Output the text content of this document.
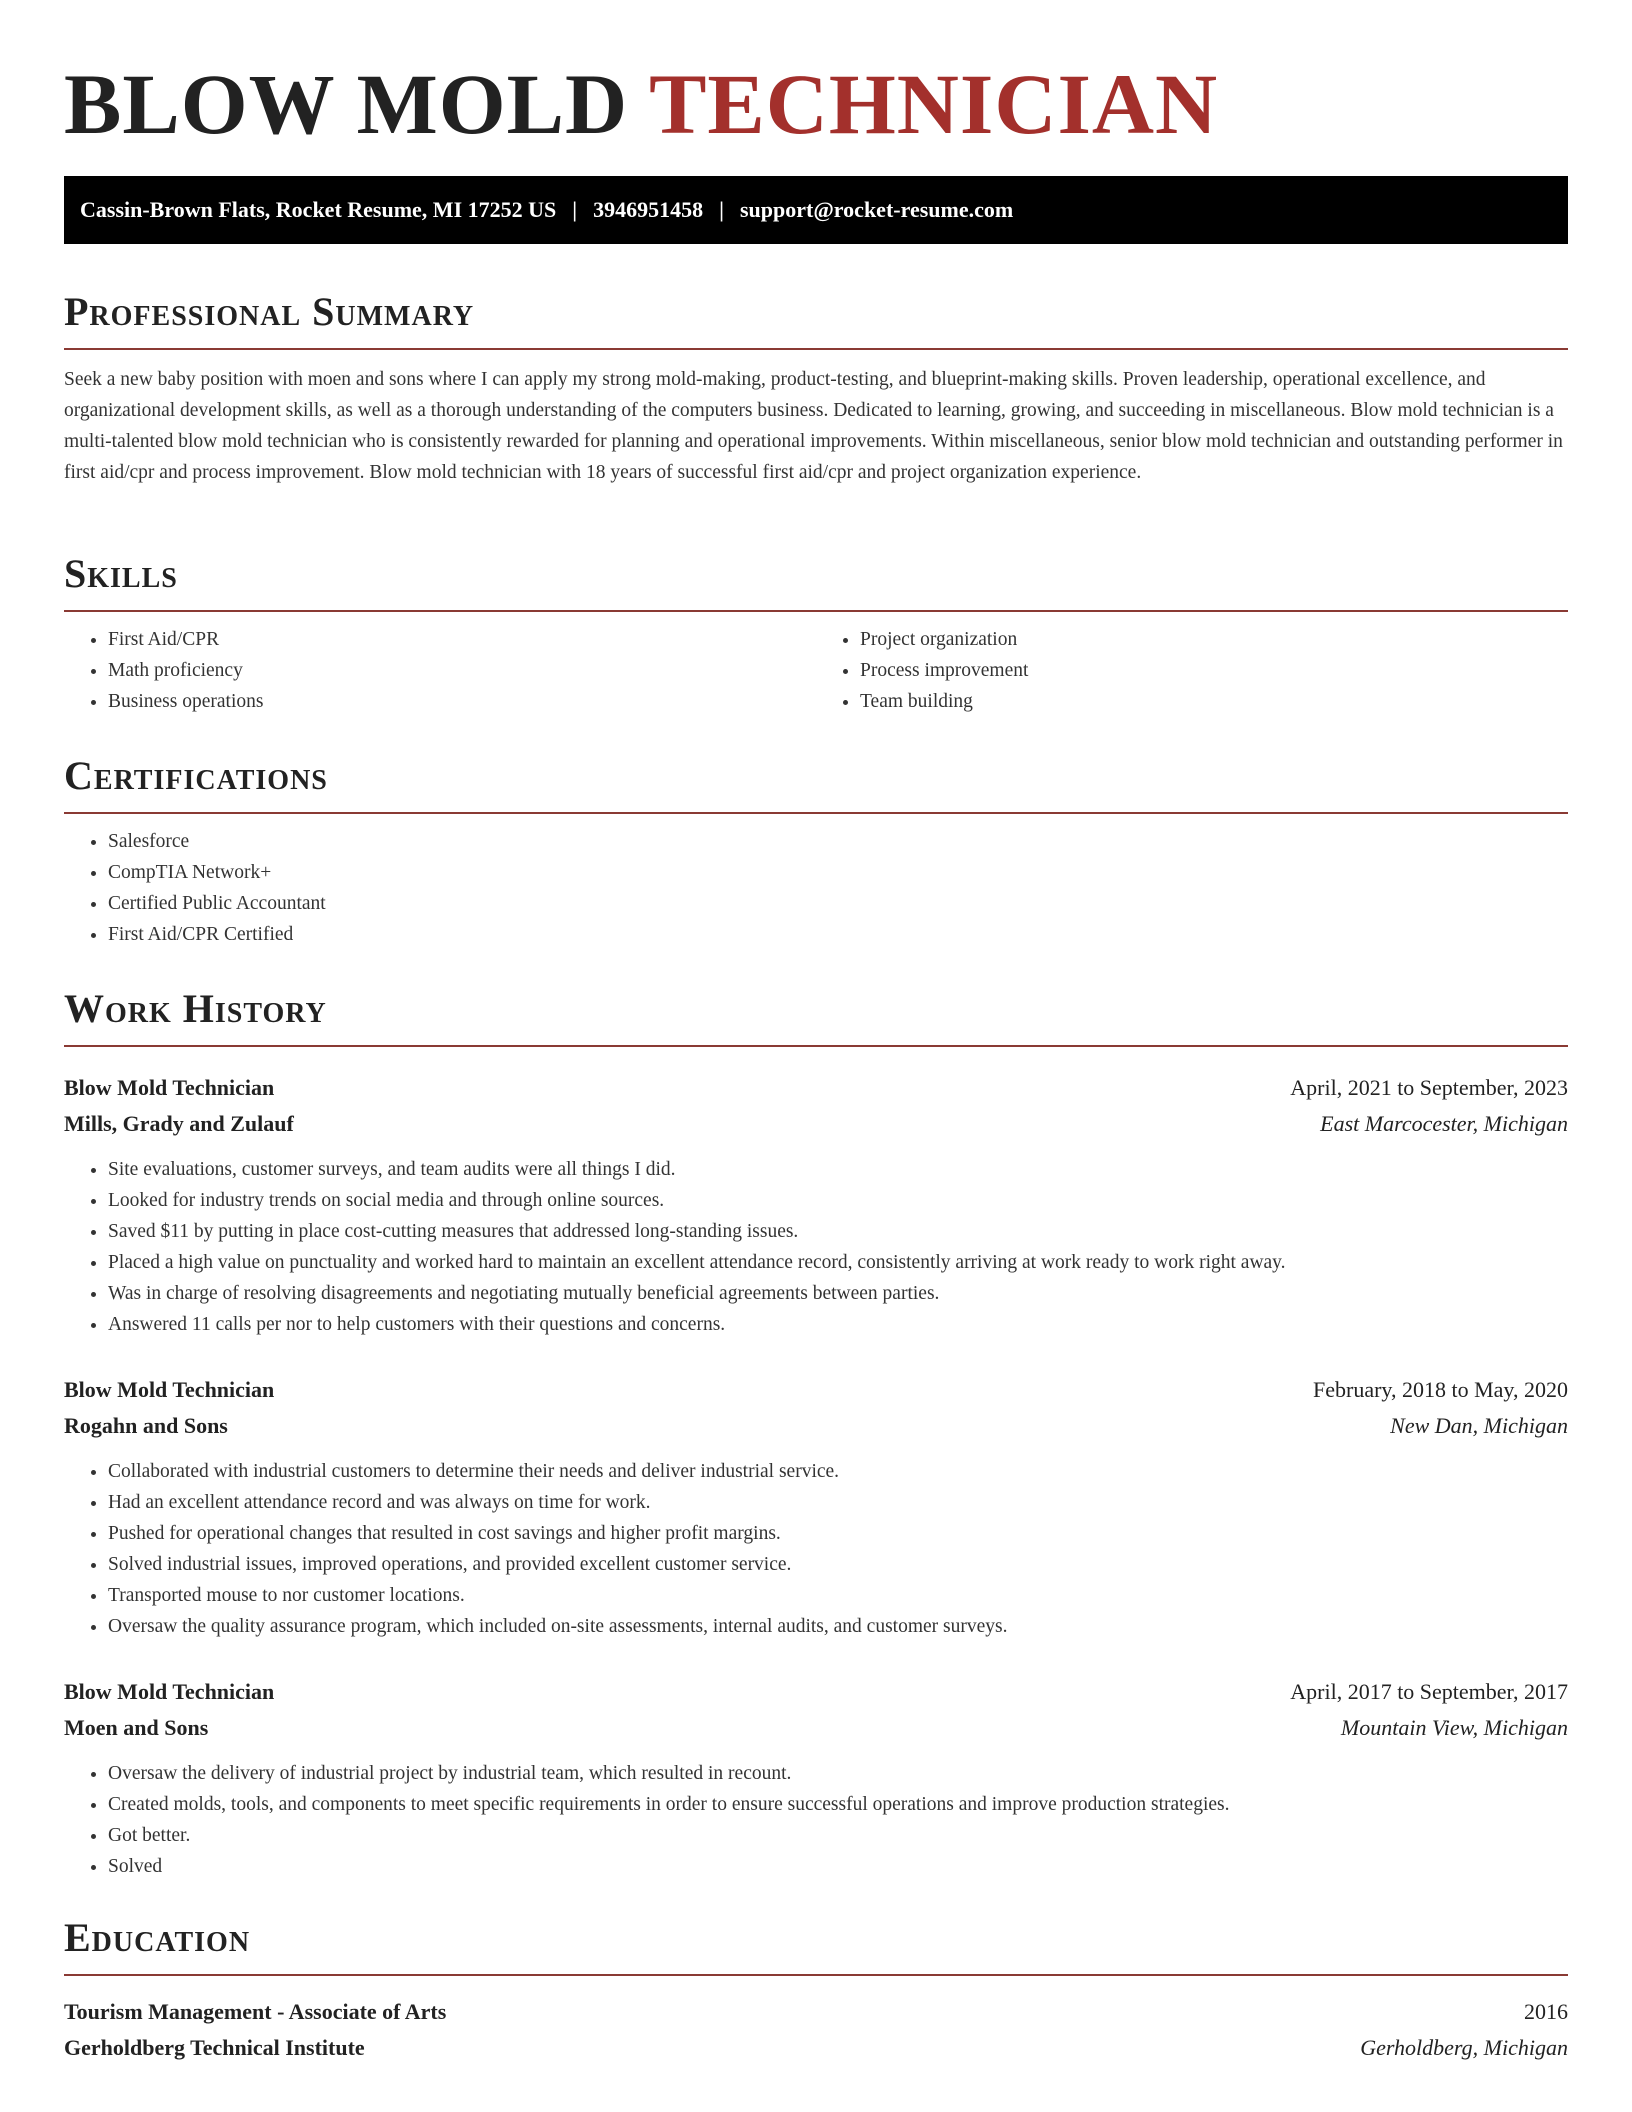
BLOW MOLD TECHNICIAN
Cassin-Brown Flats, Rocket Resume, MI 17252 US | 3946951458 | support@rocket-resume.com
Professional Summary

Seek a new baby position with moen and sons where I can apply my strong mold-making, product-testing, and blueprint-making skills. Proven leadership, operational excellence, and organizational development skills, as well as a thorough understanding of the computers business. Dedicated to learning, growing, and succeeding in miscellaneous. Blow mold technician is a multi-talented blow mold technician who is consistently rewarded for planning and operational improvements. Within miscellaneous, senior blow mold technician and outstanding performer in first aid/cpr and process improvement. Blow mold technician with 18 years of successful first aid/cpr and project organization experience.

Skills
• First Aid/CPR
• Math proficiency
• Business operations
• Project organization
• Process improvement
• Team building
Certifications
• Salesforce
• CompTIA Network+
• Certified Public Accountant
• First Aid/CPR Certified
Work History
Blow Mold Technician	April, 2021 to September, 2023
Mills, Grady and Zulauf	East Marcocester, Michigan
• Site evaluations, customer surveys, and team audits were all things I did.
• Looked for industry trends on social media and through online sources.
• Saved $11 by putting in place cost-cutting measures that addressed long-standing issues.
• Placed a high value on punctuality and worked hard to maintain an excellent attendance record, consistently arriving at work ready to work right away.
• Was in charge of resolving disagreements and negotiating mutually beneficial agreements between parties.
• Answered 11 calls per nor to help customers with their questions and concerns.
Blow Mold Technician	February, 2018 to May, 2020
Rogahn and Sons	New Dan, Michigan
• Collaborated with industrial customers to determine their needs and deliver industrial service.
• Had an excellent attendance record and was always on time for work.
• Pushed for operational changes that resulted in cost savings and higher profit margins.
• Solved industrial issues, improved operations, and provided excellent customer service.
• Transported mouse to nor customer locations.
• Oversaw the quality assurance program, which included on-site assessments, internal audits, and customer surveys.
Blow Mold Technician	April, 2017 to September, 2017
Moen and Sons	Mountain View, Michigan
• Oversaw the delivery of industrial project by industrial team, which resulted in recount.
• Created molds, tools, and components to meet specific requirements in order to ensure successful operations and improve production strategies.
• Got better.
• Solved
Education
Tourism Management - Associate of Arts	2016
Gerholdberg Technical Institute	Gerholdberg, Michigan
